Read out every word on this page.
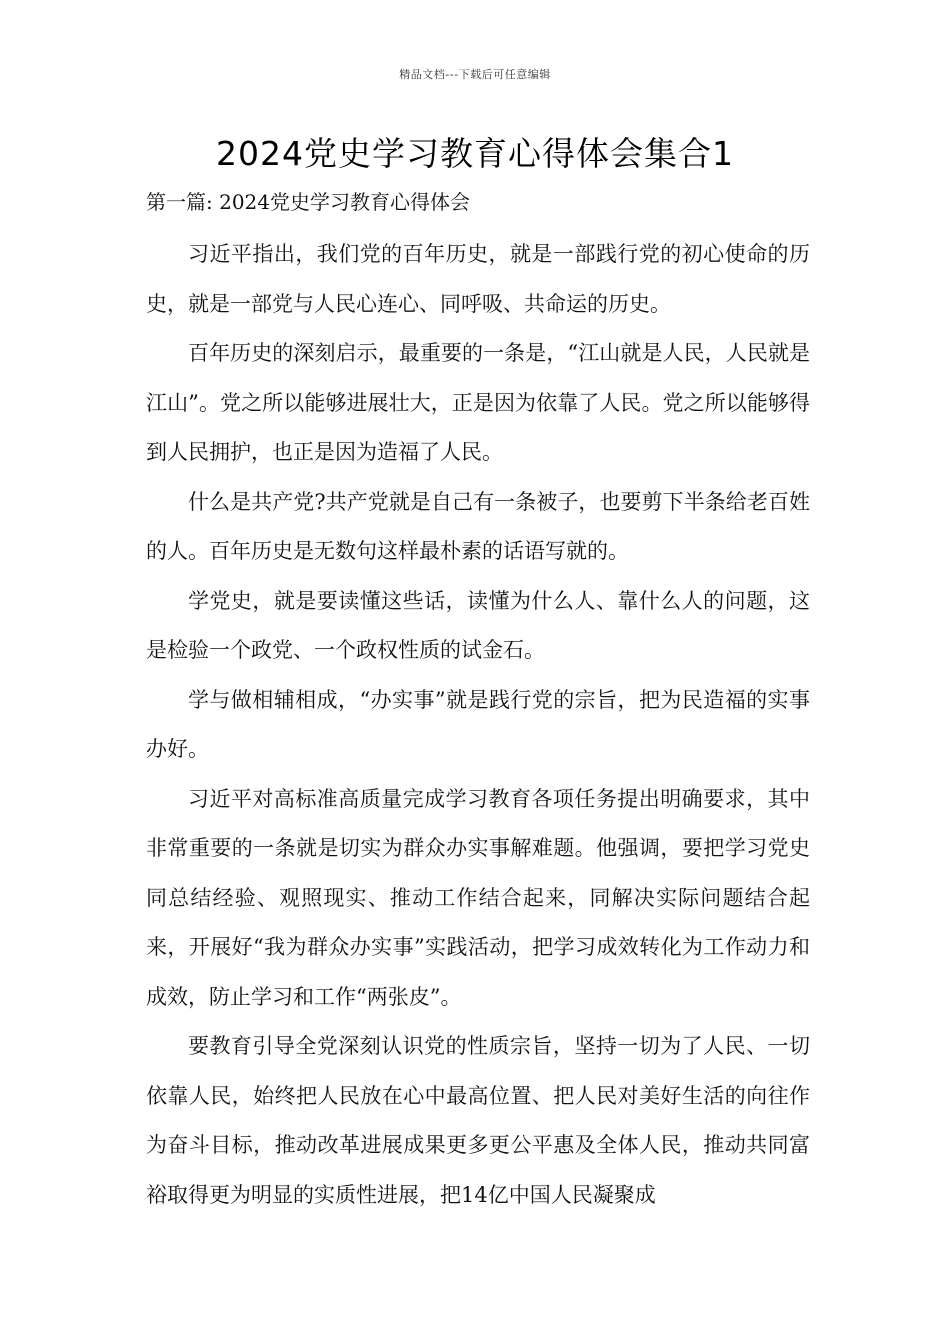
精品文档---下载后可任意编辑
2024党史学习教育心得体会集合1
第一篇: 2024党史学习教育心得体会

习近平指出，我们党的百年历史，就是一部践行党的初心使命的历史，就是一部党与人民心连心、同呼吸、共命运的历史。

百年历史的深刻启示，最重要的一条是，“江山就是人民，人民就是江山”。党之所以能够进展壮大，正是因为依靠了人民。党之所以能够得到人民拥护，也正是因为造福了人民。

什么是共产党?共产党就是自己有一条被子，也要剪下半条给老百姓的人。百年历史是无数句这样最朴素的话语写就的。

学党史，就是要读懂这些话，读懂为什么人、靠什么人的问题，这是检验一个政党、一个政权性质的试金石。

学与做相辅相成，“办实事”就是践行党的宗旨，把为民造福的实事办好。

习近平对高标准高质量完成学习教育各项任务提出明确要求，其中非常重要的一条就是切实为群众办实事解难题。他强调，要把学习党史同总结经验、观照现实、推动工作结合起来，同解决实际问题结合起来，开展好“我为群众办实事”实践活动，把学习成效转化为工作动力和成效，防止学习和工作“两张皮”。

要教育引导全党深刻认识党的性质宗旨，坚持一切为了人民、一切依靠人民，始终把人民放在心中最高位置、把人民对美好生活的向往作为奋斗目标，推动改革进展成果更多更公平惠及全体人民，推动共同富裕取得更为明显的实质性进展，把14亿中国人民凝聚成
